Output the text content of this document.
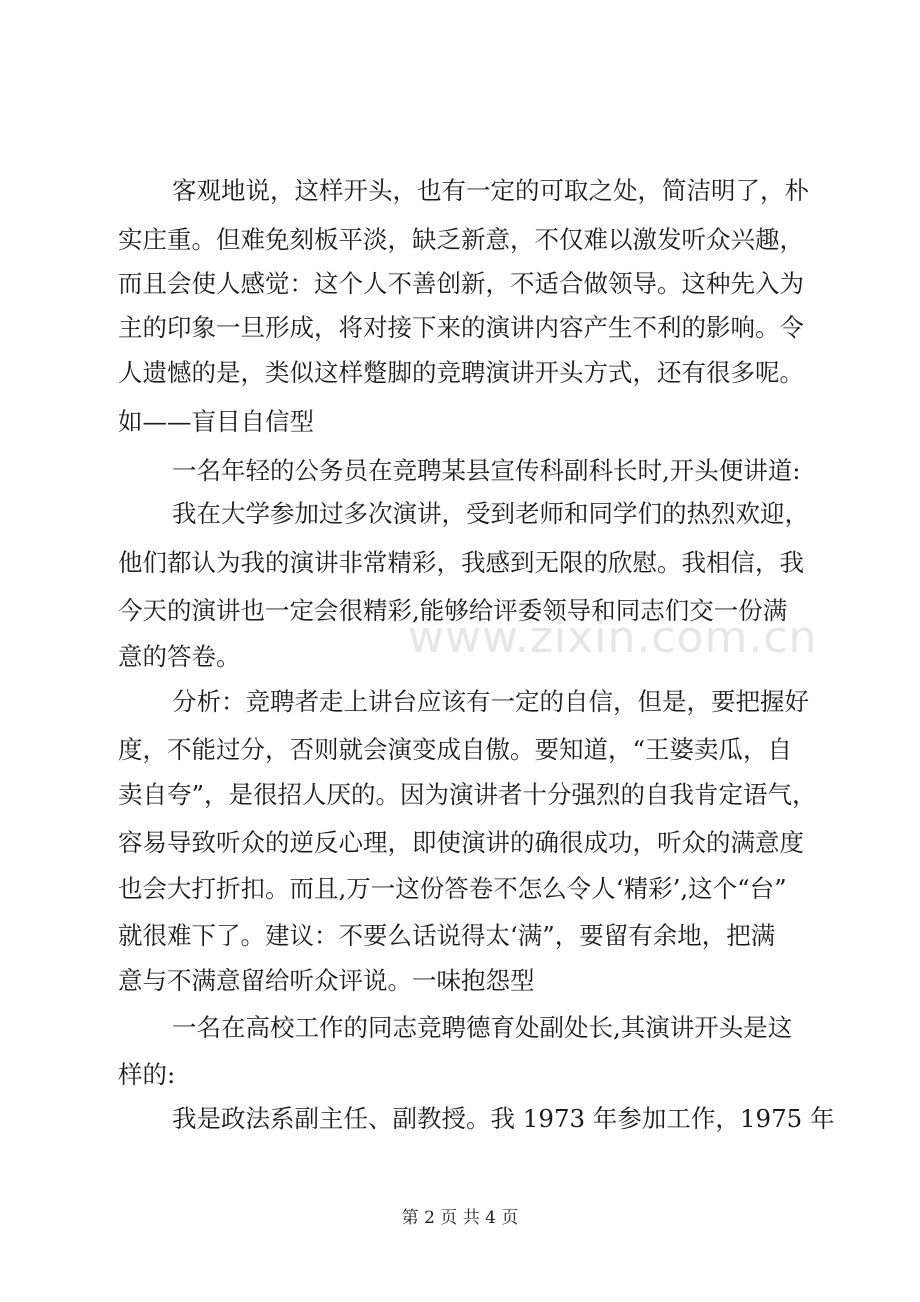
客观地说，这样开头，也有一定的可取之处，简洁明了，朴
实庄重。但难免刻板平淡，缺乏新意，不仅难以激发听众兴趣，
而且会使人感觉：这个人不善创新，不适合做领导。这种先入为
主的印象一旦形成，将对接下来的演讲内容产生不利的影响。令
人遗憾的是，类似这样蹩脚的竞聘演讲开头方式，还有很多呢。
如——盲目自信型
一名年轻的公务员在竞聘某县宣传科副科长时,开头便讲道:
我在大学参加过多次演讲，受到老师和同学们的热烈欢迎，
他们都认为我的演讲非常精彩，我感到无限的欣慰。我相信，我
今天的演讲也一定会很精彩,能够给评委领导和同志们交一份满
意的答卷。
分析：竞聘者走上讲台应该有一定的自信，但是，要把握好
度，不能过分，否则就会演变成自傲。要知道，“王婆卖瓜，自
卖自夸”，是很招人厌的。因为演讲者十分强烈的自我肯定语气，
容易导致听众的逆反心理，即使演讲的确很成功，听众的满意度
也会大打折扣。而且,万一这份答卷不怎么令人‘精彩’,这个“台”
就很难下了。建议：不要么话说得太‘满”，要留有余地，把满
意与不满意留给听众评说。一味抱怨型
一名在高校工作的同志竞聘德育处副处长,其演讲开头是这
样的:
我是政法系副主任、副教授。我 1973 年参加工作，1975 年
www.zixin.com.cn
第 2 页 共 4 页
